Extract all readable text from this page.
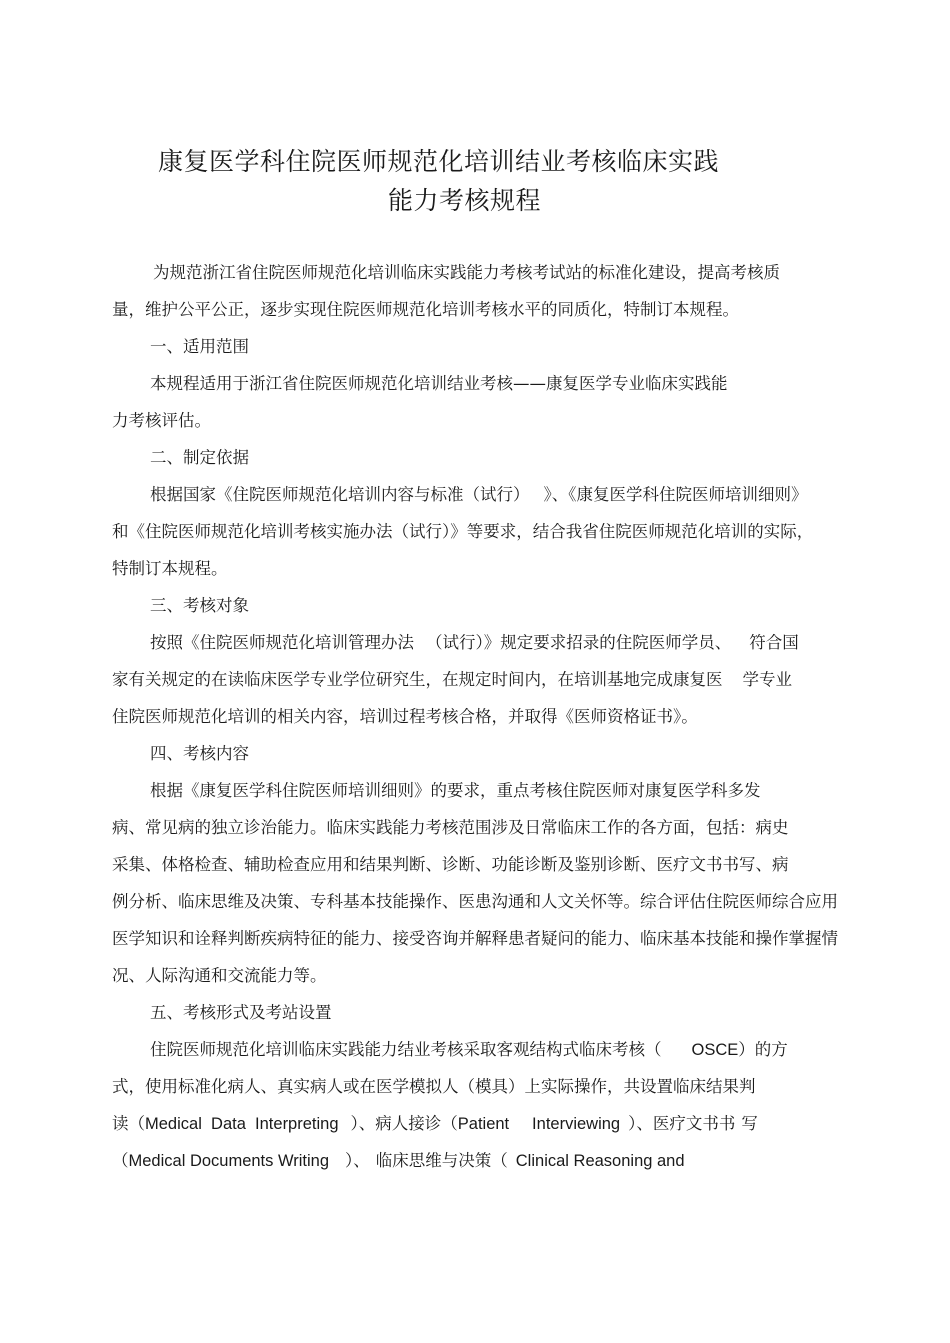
康复医学科住院医师规范化培训结业考核临床实践
能力考核规程
为规范浙江省住院医师规范化培训临床实践能力考核考试站的标准化建设，提高考核质
量，维护公平公正，逐步实现住院医师规范化培训考核水平的同质化，特制订本规程。
一、适用范围
本规程适用于浙江省住院医师规范化培训结业考核——康复医学专业临床实践能
力考核评估。
二、制定依据
根据国家《住院医师规范化培训内容与标准（试行） 》、《康复医学科住院医师培训细则》
和《住院医师规范化培训考核实施办法（试行）》等要求，结合我省住院医师规范化培训的实际，
特制订本规程。
三、考核对象
按照《住院医师规范化培训管理办法 （试行）》规定要求招录的住院医师学员、 符合国
家有关规定的在读临床医学专业学位研究生，在规定时间内，在培训基地完成康复医 学专业
住院医师规范化培训的相关内容，培训过程考核合格，并取得《医师资格证书》。
四、考核内容
根据《康复医学科住院医师培训细则》的要求，重点考核住院医师对康复医学科多发
病、常见病的独立诊治能力。临床实践能力考核范围涉及日常临床工作的各方面，包括：病史
采集、体格检查、辅助检查应用和结果判断、诊断、功能诊断及鉴别诊断、医疗文书书写、病
例分析、临床思维及决策、专科基本技能操作、医患沟通和人文关怀等。综合评估住院医师综合应用
医学知识和诠释判断疾病特征的能力、接受咨询并解释患者疑问的能力、临床基本技能和操作掌握情
况、人际沟通和交流能力等。
五、考核形式及考站设置
住院医师规范化培训临床实践能力结业考核采取客观结构式临床考核（ OSCE）的方
式，使用标准化病人、真实病人或在医学模拟人（模具）上实际操作，共设置临床结果判
读（Medical  Data  Interpreting ）、病人接诊（Patient     Interviewing ）、医疗文书书 写
（Medical Documents Writing ）、 临床思维与决策（ Clinical Reasoning and
